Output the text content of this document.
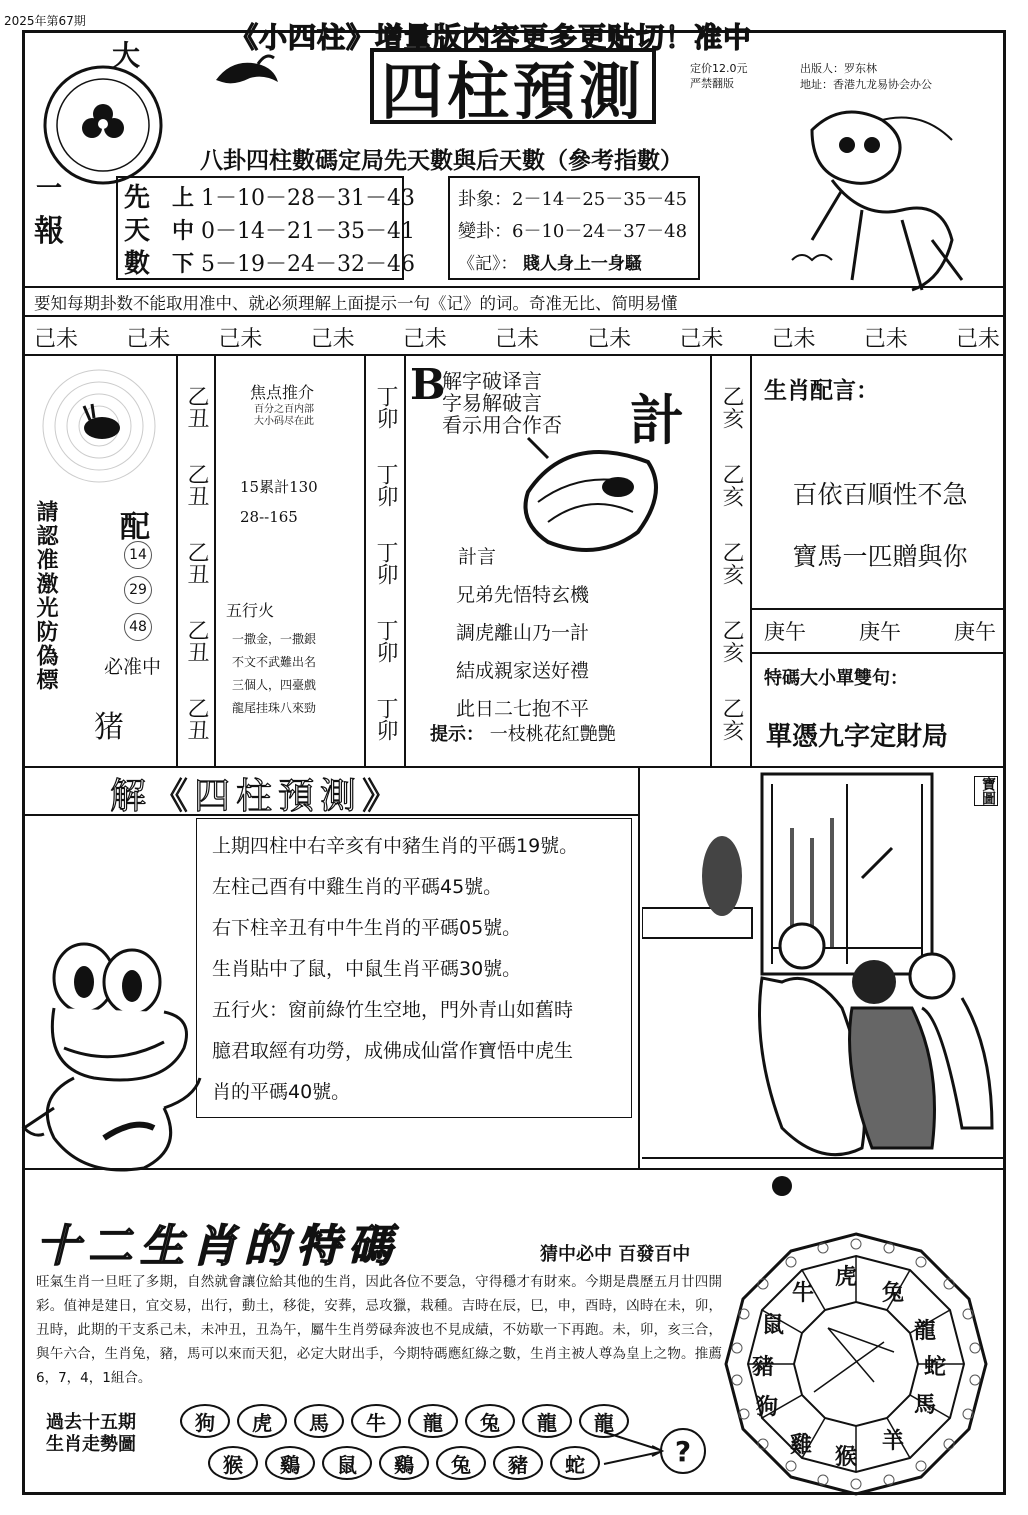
2025年第67期	《小四柱》增量版内容更多更贴切！准中
四柱預測	定价12.0元
严禁翻版
出版人：罗东林
地址：香港九龙易协会办公
大
一
報
八卦四柱數碼定局先天數與后天數（參考指數）
先
天
數
上 1－10－28－31－43
中 0－14－21－35－41
下 5－19－24－32－46
卦象：2－14－25－35－45
變卦：6－10－24－37－48
《記》： 賤人身上一身騷
要知每期卦数不能取用准中、就必须理解上面提示一句《记》的词。奇准无比、简明易懂
己未 己未 己未 己未 己未 己未 己未 己未 己未 己未 己未
請認准激光防偽標 配
14
29
48
必准中
猪
乙丑
乙丑
乙丑
乙丑
乙丑
焦点推介
百分之百内部
大小码尽在此
15累計130
28--165
五行火
一撒金，一撒銀
不文不武難出名
三個人，四臺戲
龍尾挂珠八來勁
丁卯
丁卯
丁卯
丁卯
丁卯
B
解字破译言
字易解破言
看示用合作否 計
計言
兄弟先悟特玄機
調虎離山乃一計
結成親家送好禮
此日二七抱不平
提示： 一枝桃花紅艷艷
乙亥
乙亥
乙亥
乙亥
乙亥
生肖配言：
百依百順性不急
寶馬一匹贈與你
庚午	庚午	庚午
特碼大小單雙句：
單憑九字定財局
解《四柱預測》
上期四柱中右辛亥有中豬生肖的平碼19號。
左柱己酉有中雞生肖的平碼45號。
右下柱辛丑有中牛生肖的平碼05號。
生肖貼中了鼠，中鼠生肖平碼30號。
五行火：窗前綠竹生空地，門外青山如舊時
臆君取經有功勞，成佛成仙當作寶悟中虎生
肖的平碼40號。
寶圖
十二生肖的特碼	猜中必中 百發百中
旺氣生肖一旦旺了多期，自然就會讓位給其他的生肖，因此各位不要急，守得穩才有財來。今期是農歷五月廿四開彩。值神是建日，宜交易，出行，動土，移徙，安葬，忌攻獵，栽種。吉時在辰，巳，申，酉時，凶時在未，卯，丑時，此期的干支系己未，未冲丑，丑為午，屬牛生肖勞碌奔波也不見成績，不妨歇一下再跑。未，卯，亥三合，與午六合，生肖兔，豬，馬可以來而天犯，必定大財出手，今期特碼應紅綠之數，生肖主被人尊為皇上之物。推薦6，7，4，1組合。
過去十五期
生肖走勢圖
狗	虎	馬	牛	龍	兔	龍	龍
猴	鷄	鼠	鷄	兔	豬	蛇	?
虎
兔
龍
蛇
馬
羊
猴
雞
狗
豬
鼠
牛
